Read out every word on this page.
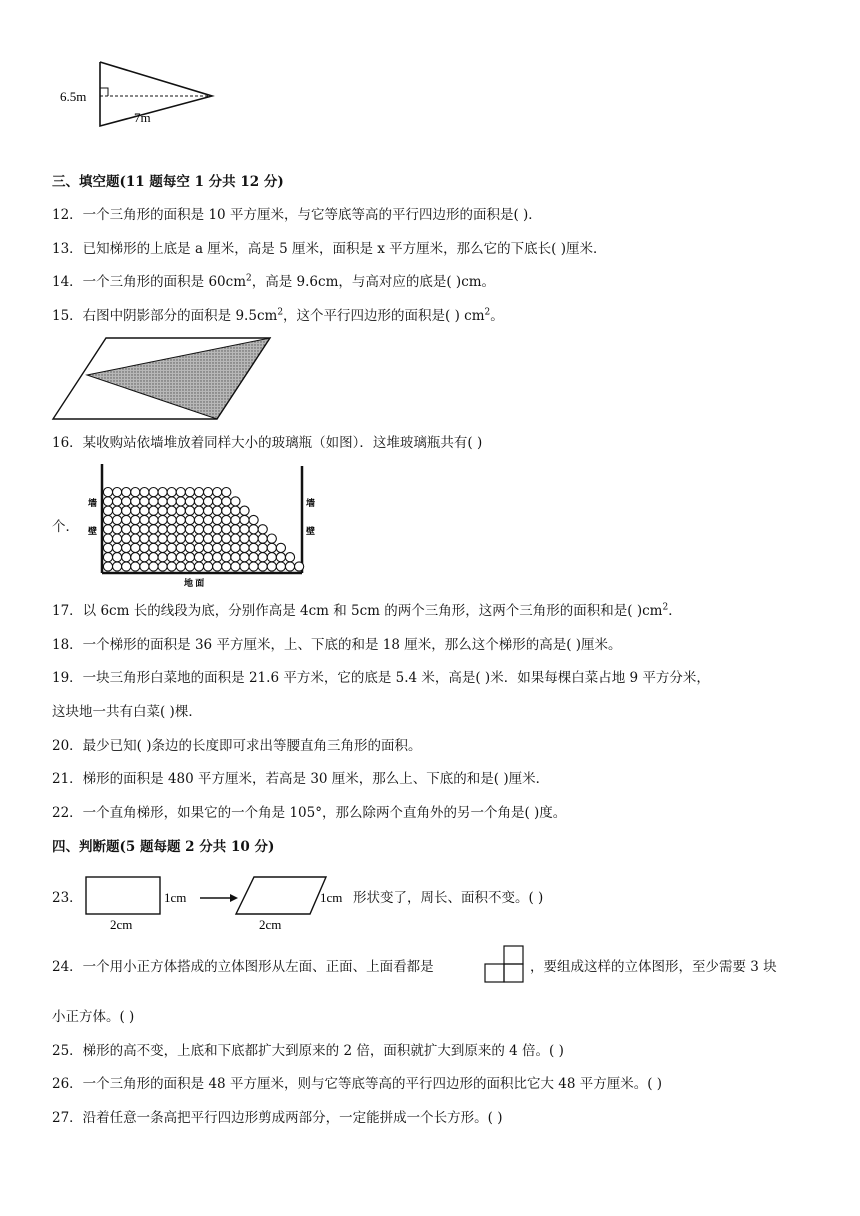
6.5m
7m
三、填空题(11 题每空 1 分共 12 分)
12．一个三角形的面积是 10 平方厘米，与它等底等高的平行四边形的面积是( )．
13．已知梯形的上底是 a 厘米，高是 5 厘米，面积是 x 平方厘米，那么它的下底长( )厘米．
14．一个三角形的面积是 $60cm^2$，高是 9.6cm，与高对应的底是( )cm。
15．右图中阴影部分的面积是 $9.5cm^2$，这个平行四边形的面积是( ) $cm^2$。
16．某收购站依墙堆放着同样大小的玻璃瓶（如图）．这堆玻璃瓶共有( )
个．
墙
壁
墙
壁
地 面
17．以 6cm 长的线段为底，分别作高是 4cm 和 5cm 的两个三角形，这两个三角形的面积和是( )$cm^2$．
18．一个梯形的面积是 36 平方厘米，上、下底的和是 18 厘米，那么这个梯形的高是( )厘米。
19．一块三角形白菜地的面积是 21.6 平方米，它的底是 5.4 米，高是( )米．如果每棵白菜占地 9 平方分米，
这块地一共有白菜( )棵．
20．最少已知( )条边的长度即可求出等腰直角三角形的面积。
21．梯形的面积是 480 平方厘米，若高是 30 厘米，那么上、下底的和是( )厘米．
22．一个直角梯形，如果它的一个角是 105°，那么除两个直角外的另一个角是( )度。
四、判断题(5 题每题 2 分共 10 分)
23．	1cm
2cm
1cm
2cm
形状变了，周长、面积不变。( )
24．一个用小正方体搭成的立体图形从左面、正面、上面看都是	，要组成这样的立体图形，至少需要 3 块
小正方体。( )
25．梯形的高不变，上底和下底都扩大到原来的 2 倍，面积就扩大到原来的 4 倍。( )
26．一个三角形的面积是 48 平方厘米，则与它等底等高的平行四边形的面积比它大 48 平方厘米。( )
27．沿着任意一条高把平行四边形剪成两部分，一定能拼成一个长方形。( )
